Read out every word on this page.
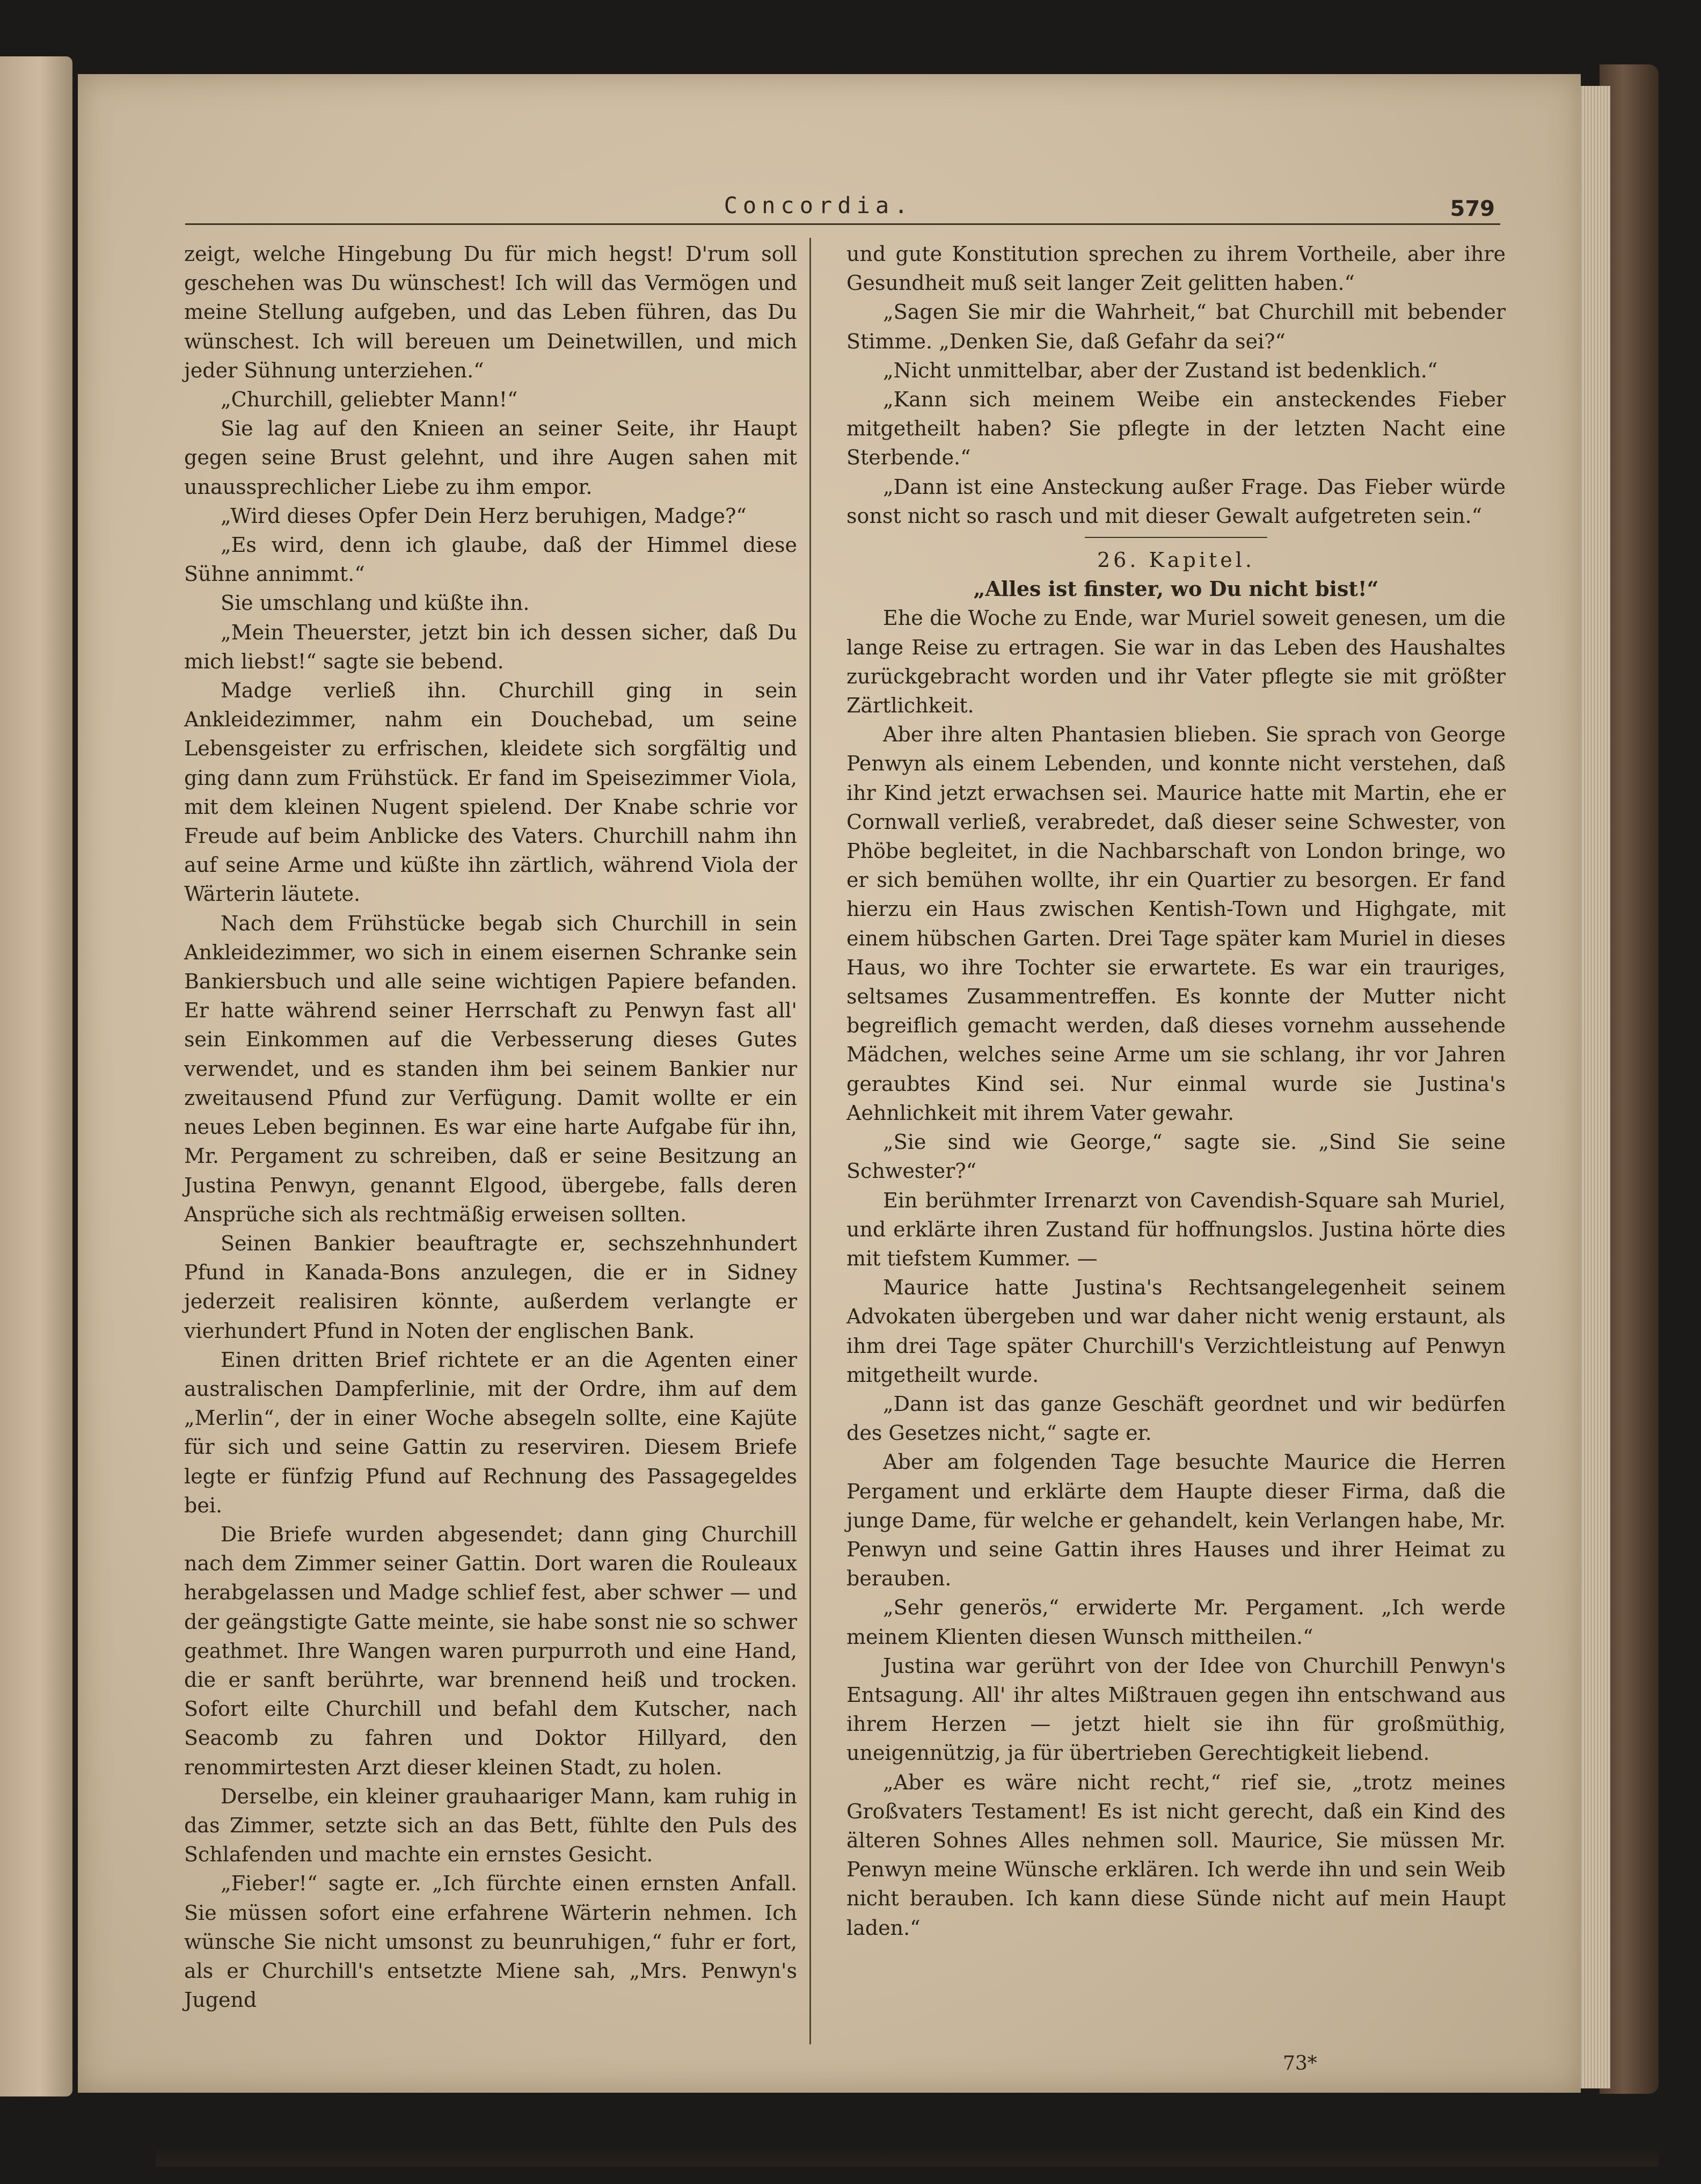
Concordia.	579

zeigt, welche Hingebung Du für mich hegst! D'rum soll geschehen was Du wünschest! Ich will das Vermögen und meine Stellung aufgeben, und das Leben führen, das Du wünschest. Ich will bereuen um Deinetwillen, und mich jeder Sühnung unterziehen.“

„Churchill, geliebter Mann!“

Sie lag auf den Knieen an seiner Seite, ihr Haupt gegen seine Brust gelehnt, und ihre Augen sahen mit unaussprechlicher Liebe zu ihm empor.

„Wird dieses Opfer Dein Herz beruhigen, Madge?“

„Es wird, denn ich glaube, daß der Himmel diese Sühne annimmt.“

Sie umschlang und küßte ihn.

„Mein Theuerster, jetzt bin ich dessen sicher, daß Du mich liebst!“ sagte sie bebend.

Madge verließ ihn. Churchill ging in sein Ankleidezimmer, nahm ein Douchebad, um seine Lebensgeister zu erfrischen, kleidete sich sorgfältig und ging dann zum Frühstück. Er fand im Speisezimmer Viola, mit dem kleinen Nugent spielend. Der Knabe schrie vor Freude auf beim Anblicke des Vaters. Churchill nahm ihn auf seine Arme und küßte ihn zärtlich, während Viola der Wärterin läutete.

Nach dem Frühstücke begab sich Churchill in sein Ankleidezimmer, wo sich in einem eisernen Schranke sein Bankiersbuch und alle seine wichtigen Papiere befanden. Er hatte während seiner Herrschaft zu Penwyn fast all' sein Einkommen auf die Verbesserung dieses Gutes verwendet, und es standen ihm bei seinem Bankier nur zweitausend Pfund zur Verfügung. Damit wollte er ein neues Leben beginnen. Es war eine harte Aufgabe für ihn, Mr. Pergament zu schreiben, daß er seine Besitzung an Justina Penwyn, genannt Elgood, übergebe, falls deren Ansprüche sich als rechtmäßig erweisen sollten.

Seinen Bankier beauftragte er, sechszehnhundert Pfund in Kanada-Bons anzulegen, die er in Sidney jederzeit realisiren könnte, außerdem verlangte er vierhundert Pfund in Noten der englischen Bank.

Einen dritten Brief richtete er an die Agenten einer australischen Dampferlinie, mit der Ordre, ihm auf dem „Merlin“, der in einer Woche absegeln sollte, eine Kajüte für sich und seine Gattin zu reserviren. Diesem Briefe legte er fünfzig Pfund auf Rechnung des Passagegeldes bei.

Die Briefe wurden abgesendet; dann ging Churchill nach dem Zimmer seiner Gattin. Dort waren die Rouleaux herabgelassen und Madge schlief fest, aber schwer — und der geängstigte Gatte meinte, sie habe sonst nie so schwer geathmet. Ihre Wangen waren purpurroth und eine Hand, die er sanft berührte, war brennend heiß und trocken. Sofort eilte Churchill und befahl dem Kutscher, nach Seacomb zu fahren und Doktor Hillyard, den renommirtesten Arzt dieser kleinen Stadt, zu holen.

Derselbe, ein kleiner grauhaariger Mann, kam ruhig in das Zimmer, setzte sich an das Bett, fühlte den Puls des Schlafenden und machte ein ernstes Gesicht.

„Fieber!“ sagte er. „Ich fürchte einen ernsten Anfall. Sie müssen sofort eine erfahrene Wärterin nehmen. Ich wünsche Sie nicht umsonst zu beunruhigen,“ fuhr er fort, als er Churchill's entsetzte Miene sah, „Mrs. Penwyn's Jugend

und gute Konstitution sprechen zu ihrem Vortheile, aber ihre Gesundheit muß seit langer Zeit gelitten haben.“

„Sagen Sie mir die Wahrheit,“ bat Churchill mit bebender Stimme. „Denken Sie, daß Gefahr da sei?“

„Nicht unmittelbar, aber der Zustand ist bedenklich.“

„Kann sich meinem Weibe ein ansteckendes Fieber mitgetheilt haben? Sie pflegte in der letzten Nacht eine Sterbende.“

„Dann ist eine Ansteckung außer Frage. Das Fieber würde sonst nicht so rasch und mit dieser Gewalt aufgetreten sein.“

26. Kapitel.

„Alles ist finster, wo Du nicht bist!“

Ehe die Woche zu Ende, war Muriel soweit genesen, um die lange Reise zu ertragen. Sie war in das Leben des Haushaltes zurückgebracht worden und ihr Vater pflegte sie mit größter Zärtlichkeit.

Aber ihre alten Phantasien blieben. Sie sprach von George Penwyn als einem Lebenden, und konnte nicht verstehen, daß ihr Kind jetzt erwachsen sei. Maurice hatte mit Martin, ehe er Cornwall verließ, verabredet, daß dieser seine Schwester, von Phöbe begleitet, in die Nachbarschaft von London bringe, wo er sich bemühen wollte, ihr ein Quartier zu besorgen. Er fand hierzu ein Haus zwischen Kentish-Town und Highgate, mit einem hübschen Garten. Drei Tage später kam Muriel in dieses Haus, wo ihre Tochter sie erwartete. Es war ein trauriges, seltsames Zusammentreffen. Es konnte der Mutter nicht begreiflich gemacht werden, daß dieses vornehm aussehende Mädchen, welches seine Arme um sie schlang, ihr vor Jahren geraubtes Kind sei. Nur einmal wurde sie Justina's Aehnlichkeit mit ihrem Vater gewahr.

„Sie sind wie George,“ sagte sie. „Sind Sie seine Schwester?“

Ein berühmter Irrenarzt von Cavendish-Square sah Muriel, und erklärte ihren Zustand für hoffnungslos. Justina hörte dies mit tiefstem Kummer. —

Maurice hatte Justina's Rechtsangelegenheit seinem Advokaten übergeben und war daher nicht wenig erstaunt, als ihm drei Tage später Churchill's Verzichtleistung auf Penwyn mitgetheilt wurde.

„Dann ist das ganze Geschäft geordnet und wir bedürfen des Gesetzes nicht,“ sagte er.

Aber am folgenden Tage besuchte Maurice die Herren Pergament und erklärte dem Haupte dieser Firma, daß die junge Dame, für welche er gehandelt, kein Verlangen habe, Mr. Penwyn und seine Gattin ihres Hauses und ihrer Heimat zu berauben.

„Sehr generös,“ erwiderte Mr. Pergament. „Ich werde meinem Klienten diesen Wunsch mittheilen.“

Justina war gerührt von der Idee von Churchill Penwyn's Entsagung. All' ihr altes Mißtrauen gegen ihn entschwand aus ihrem Herzen — jetzt hielt sie ihn für großmüthig, uneigennützig, ja für übertrieben Gerechtigkeit liebend.

„Aber es wäre nicht recht,“ rief sie, „trotz meines Großvaters Testament! Es ist nicht gerecht, daß ein Kind des älteren Sohnes Alles nehmen soll. Maurice, Sie müssen Mr. Penwyn meine Wünsche erklären. Ich werde ihn und sein Weib nicht berauben. Ich kann diese Sünde nicht auf mein Haupt laden.“

73*
